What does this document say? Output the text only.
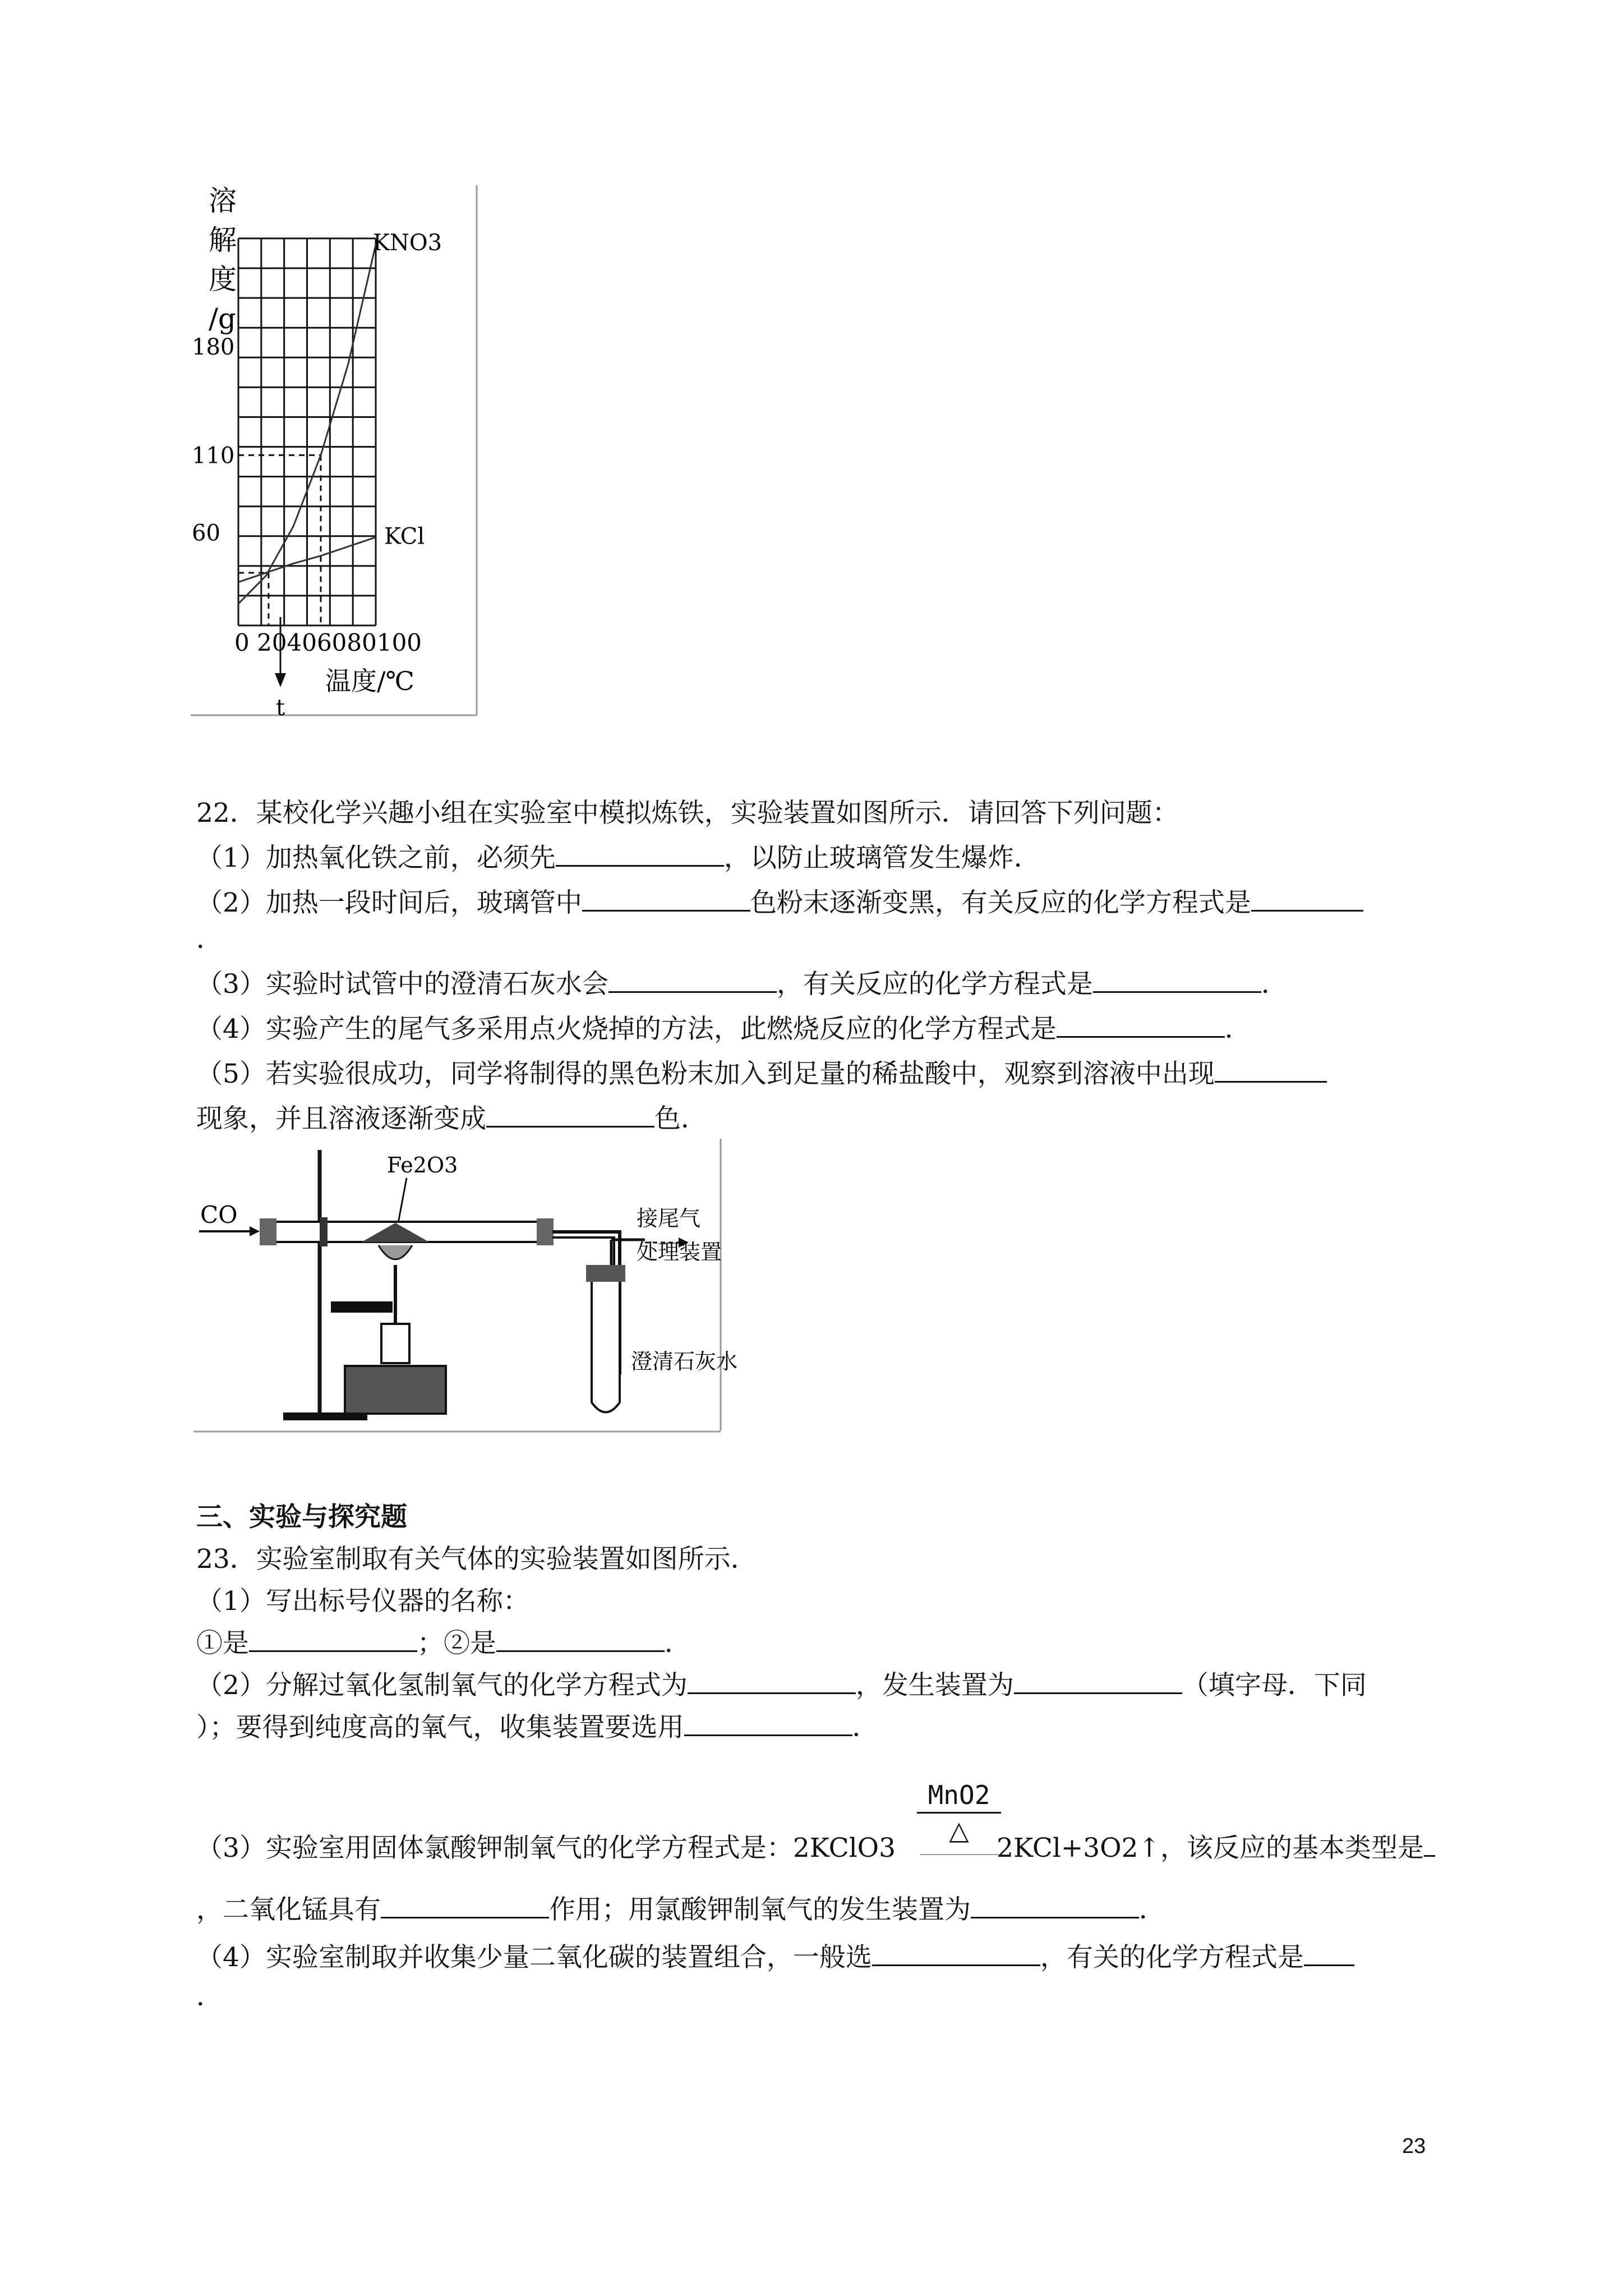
溶
解
度
/g
KNO3
KCl
180
110
60
0 20406080100
温度/℃
t
22．某校化学兴趣小组在实验室中模拟炼铁，实验装置如图所示．请回答下列问题：
（1）加热氧化铁之前，必须先	，以防止玻璃管发生爆炸．
（2）加热一段时间后，玻璃管中	色粉末逐渐变黑，有关反应的化学方程式是
．
（3）实验时试管中的澄清石灰水会	，有关反应的化学方程式是	．
（4）实验产生的尾气多采用点火烧掉的方法，此燃烧反应的化学方程式是	．
（5）若实验很成功，同学将制得的黑色粉末加入到足量的稀盐酸中，观察到溶液中出现
现象，并且溶液逐渐变成	色．
CO
Fe2O3
接尾气
处理装置
澄清石灰水
三、实验与探究题
23．实验室制取有关气体的实验装置如图所示．
（1）写出标号仪器的名称：
①是	；②是	．
（2）分解过氧化氢制氧气的化学方程式为	，发生装置为	（填字母．下同
）；要得到纯度高的氧气，收集装置要选用	．
MnO2
△
（3）实验室用固体氯酸钾制氧气的化学方程式是：2KClO3	2KCl+3O2↑，该反应的基本类型是
，二氧化锰具有	作用；用氯酸钾制氧气的发生装置为	．
（4）实验室制取并收集少量二氧化碳的装置组合，一般选	，有关的化学方程式是
．
23
